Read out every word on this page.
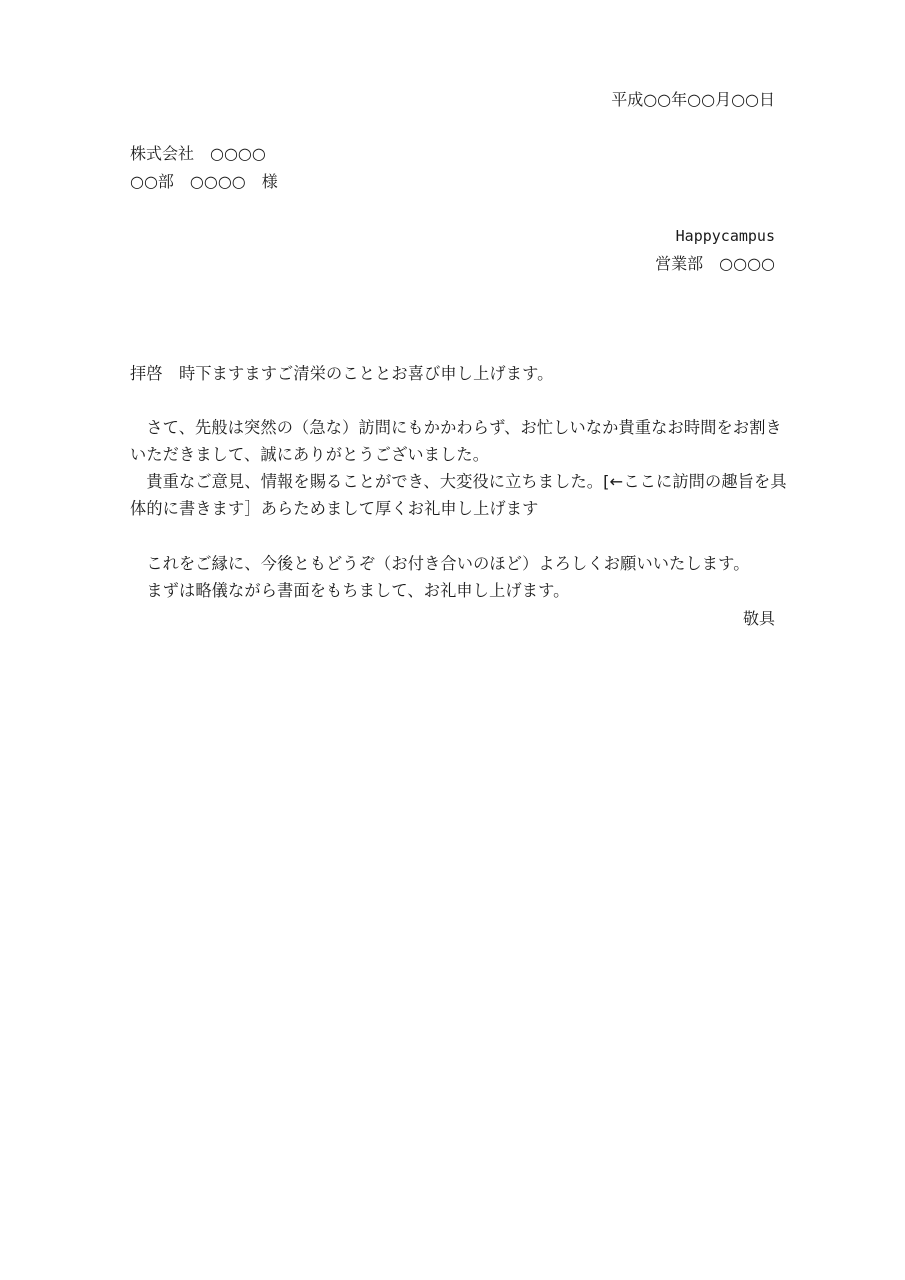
平成○○年○○月○○日
株式会社　○○○○
○○部　○○○○　様
Happycampus
営業部　○○○○
拝啓　時下ますますご清栄のこととお喜び申し上げます。
　さて、先般は突然の（急な）訪問にもかかわらず、お忙しいなか貴重なお時間をお割き
いただきまして、誠にありがとうございました。
　貴重なご意見、情報を賜ることができ、大変役に立ちました。[←ここに訪問の趣旨を具
体的に書きます］あらためまして厚くお礼申し上げます
　これをご縁に、今後ともどうぞ（お付き合いのほど）よろしくお願いいたします。
　まずは略儀ながら書面をもちまして、お礼申し上げます。
敬具
